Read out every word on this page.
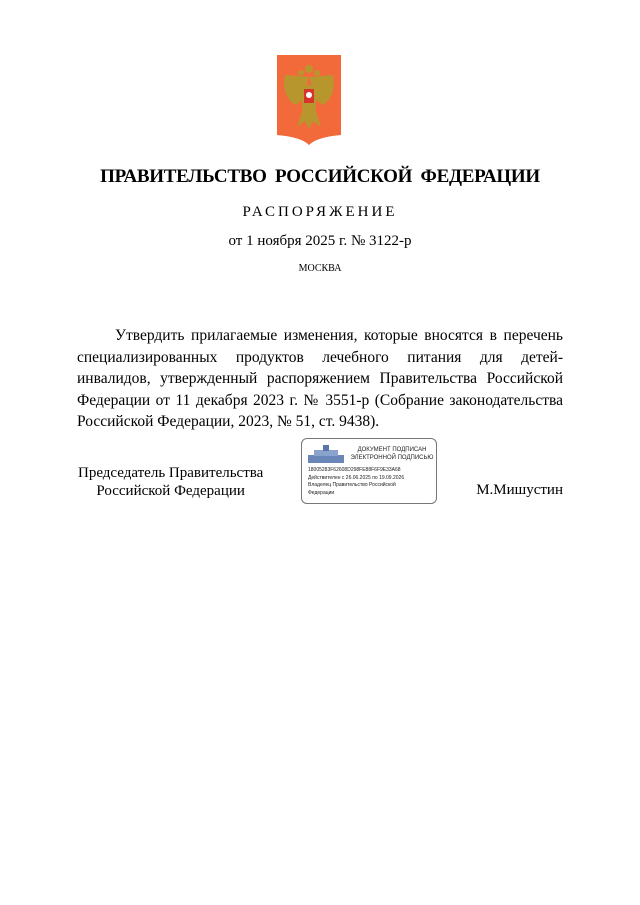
ПРАВИТЕЛЬСТВО РОССИЙСКОЙ ФЕДЕРАЦИИ
РАСПОРЯЖЕНИЕ
от 1 ноября 2025 г. № 3122-р
МОСКВА
Утвердить прилагаемые изменения, которые вносятся в перечень специализированных продуктов лечебного питания для детей-инвалидов, утвержденный распоряжением Правительства Российской Федерации от 11 декабря 2023 г. № 3551-р (Собрание законодательства Российской Федерации, 2023, № 51, ст. 9438).
Председатель Правительства
Российской Федерации
ДОКУМЕНТ ПОДПИСАН
ЭЛЕКТРОННОЙ ПОДПИСЬЮ
18005283F62608D298FE88F6F9E33A68
Действителен с 26.06.2025 по 19.09.2026
Владелец Правительство Российской
Федерации	М.Мишустин
